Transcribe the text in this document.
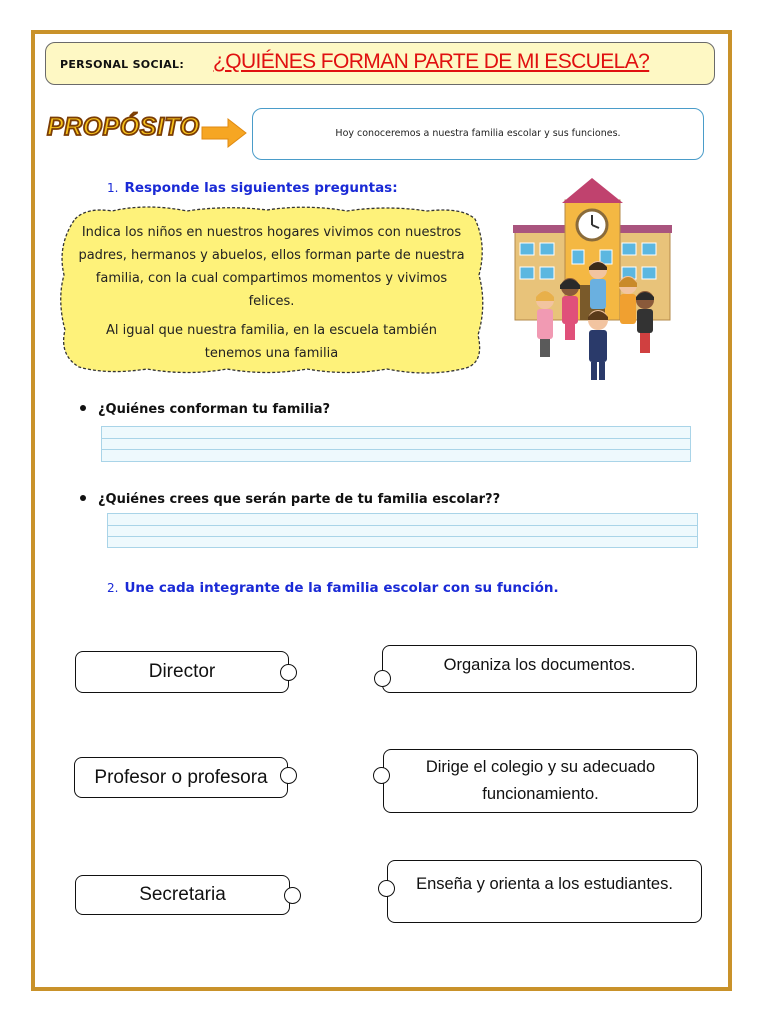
PERSONAL SOCIAL: ¿QUIÉNES FORMAN PARTE DE MI ESCUELA?
PROPÓSITO	Hoy conoceremos a nuestra familia escolar y sus funciones.
1. Responde las siguientes preguntas:

Indica los niños en nuestros hogares vivimos con nuestros padres, hermanos y abuelos, ellos forman parte de nuestra familia, con la cual compartimos momentos y vivimos felices.

Al igual que nuestra familia, en la escuela también tenemos una familia

¿Quiénes conforman tu familia?
¿Quiénes crees que serán parte de tu familia escolar??
2. Une cada integrante de la familia escolar con su función.
Director
Profesor o profesora
Secretaria
Organiza los documentos.
Dirige el colegio y su adecuado funcionamiento.
Enseña y orienta a los estudiantes.
